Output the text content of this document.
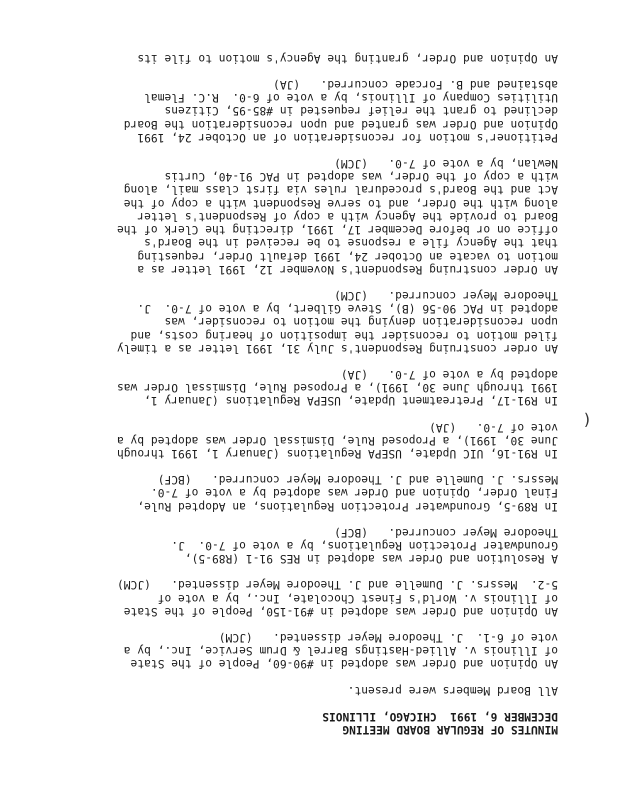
MINUTES OF REGULAR BOARD MEETING
DECEMBER 6, 1991  CHICAGO, ILLINOIS
All Board Members were present.
An Opinion and Order was adopted in #90-60, People of the State
of Illinois v. Allied-Hastings Barrel & Drum Service, Inc., by a
vote of 6-1.  J. Theodore Meyer dissented.   (JCM)
An Opinion and Order was adopted in #91-150, People of the State
of Illinois v. World's Finest Chocolate, Inc., by a vote of
5-2.  Messrs. J. Dumelle and J. Theodore Meyer dissented.   (JCM)
A Resolution and Order was adopted in RES 91-1 (R89-5),
Groundwater Protection Regulations, by a vote of 7-0.  J.
Theodore Meyer concurred.   (BCF)
In R89-5, Groundwater Protection Regulations, an Adopted Rule,
Final Order, Opinion and Order was adopted by a vote of 7-0.
Messrs. J. Dumelle and J. Theodore Meyer concurred.   (BCF)
In R91-16, UIC Update, USEPA Regulations (January 1, 1991 through
June 30, 1991), a Proposed Rule, Dismissal Order was adopted by a
vote of 7-0.   (JA)
In R91-17, Pretreatment Update, USEPA Regulations (January 1,
1991 through June 30, 1991), a Proposed Rule, Dismissal Order was
adopted by a vote of 7-0.   (JA)
An order construing Respondent's July 31, 1991 letter as a timely
filed motion to reconsider the imposition of hearing costs, and
upon reconsideration denying the motion to reconsider, was
adopted in PAC 90-56 (B), Steve Gilbert, by a vote of 7-0.  J.
Theodore Meyer concurred.   (JCM)
An Order construing Respondent's November 12, 1991 letter as a
motion to vacate an October 24, 1991 default Order, requesting
that the Agency file a response to be received in the Board's
office on or before December 17, 1991, directing the Clerk of the
Board to provide the Agency with a copy of Respondent's letter
along with the Order, and to serve Respondent with a copy of the
Act and the Board's procedural rules via first class mail, along
with a copy of the Order, was adopted in PAC 91-40, Curtis
Newlan, by a vote of 7-0.   (JCM)
Petitioner's motion for reconsideration of an October 24, 1991
Opinion and Order was granted and upon reconsideration the Board
declined to grant the relief requested in #85-95, Citizens
Utilities Company of Illinois, by a vote of 6-0.  R.C. Flemal
abstained and B. Forcade concurred.   (JA)
An Opinion and Order, granting the Agency's motion to file its
(
